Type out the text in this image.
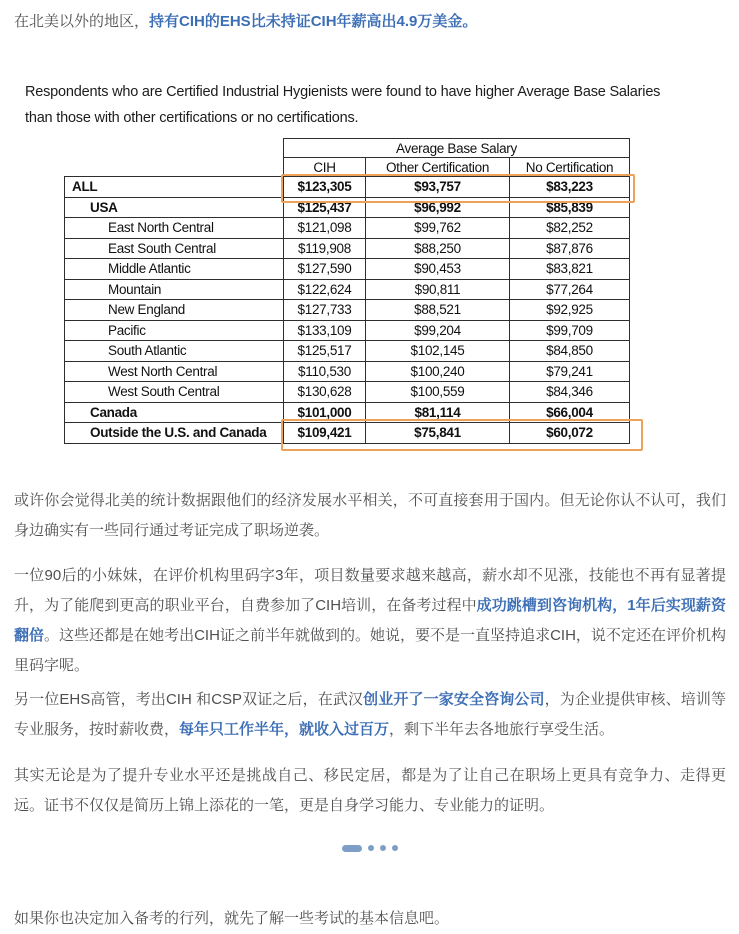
在北美以外的地区，持有CIH的EHS比未持证CIH年薪高出4.9万美金。
Respondents who are Certified Industrial Hygienists were found to have higher Average Base Salaries than those with other certifications or no certifications.
	Average Base Salary		
	CIH	Other Certification	No Certification
ALL	$123,305	$93,757	$83,223
USA	$125,437	$96,992	$85,839
East North Central	$121,098	$99,762	$82,252
East South Central	$119,908	$88,250	$87,876
Middle Atlantic	$127,590	$90,453	$83,821
Mountain	$122,624	$90,811	$77,264
New England	$127,733	$88,521	$92,925
Pacific	$133,109	$99,204	$99,709
South Atlantic	$125,517	$102,145	$84,850
West North Central	$110,530	$100,240	$79,241
West South Central	$130,628	$100,559	$84,346
Canada	$101,000	$81,114	$66,004
Outside the U.S. and Canada	$109,421	$75,841	$60,072
或许你会觉得北美的统计数据跟他们的经济发展水平相关，不可直接套用于国内。但无论你认不认可，我们身边确实有一些同行通过考证完成了职场逆袭。
一位90后的小妹妹，在评价机构里码字3年，项目数量要求越来越高，薪水却不见涨，技能也不再有显著提升，为了能爬到更高的职业平台，自费参加了CIH培训，在备考过程中成功跳槽到咨询机构，1年后实现薪资翻倍。这些还都是在她考出CIH证之前半年就做到的。她说，要不是一直坚持追求CIH，说不定还在评价机构里码字呢。
另一位EHS高管，考出CIH 和CSP双证之后，在武汉创业开了一家安全咨询公司，为企业提供审核、培训等专业服务，按时薪收费，每年只工作半年，就收入过百万，剩下半年去各地旅行享受生活。
其实无论是为了提升专业水平还是挑战自己、移民定居，都是为了让自己在职场上更具有竞争力、走得更远。证书不仅仅是简历上锦上添花的一笔，更是自身学习能力、专业能力的证明。
如果你也决定加入备考的行列，就先了解一些考试的基本信息吧。
